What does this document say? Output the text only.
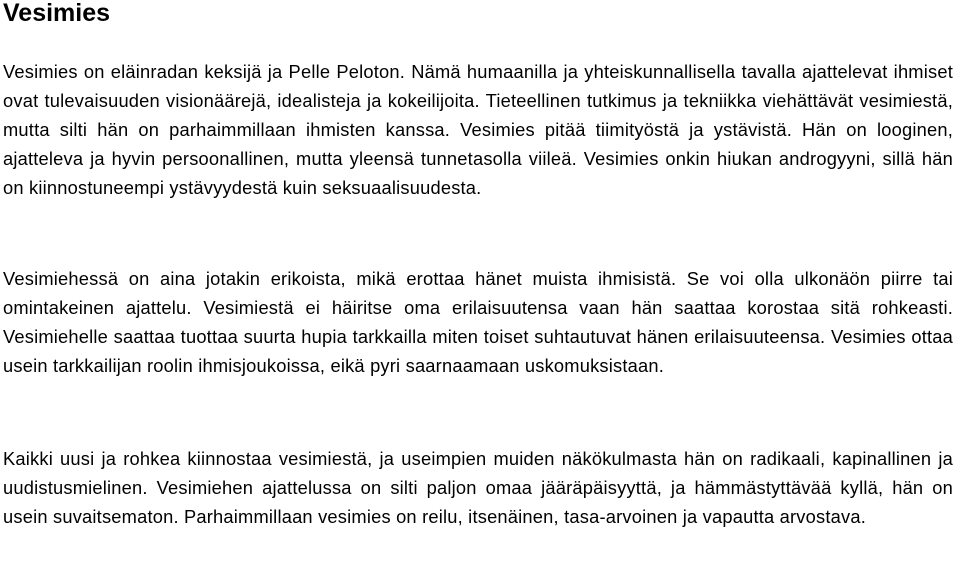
Vesimies

Vesimies on eläinradan keksijä ja Pelle Peloton. Nämä humaanilla ja yhteiskunnallisella tavalla ajattelevat ihmiset ovat tulevaisuuden visionäärejä, idealisteja ja kokeilijoita. Tieteellinen tutkimus ja tekniikka viehättävät vesimiestä, mutta silti hän on parhaimmillaan ihmisten kanssa. Vesimies pitää tiimityöstä ja ystävistä. Hän on looginen, ajatteleva ja hyvin persoonallinen, mutta yleensä tunnetasolla viileä. Vesimies onkin hiukan androgyyni, sillä hän on kiinnostuneempi ystävyydestä kuin seksuaalisuudesta.

Vesimiehessä on aina jotakin erikoista, mikä erottaa hänet muista ihmisistä. Se voi olla ulkonäön piirre tai omintakeinen ajattelu. Vesimiestä ei häiritse oma erilaisuutensa vaan hän saattaa korostaa sitä rohkeasti. Vesimiehelle saattaa tuottaa suurta hupia tarkkailla miten toiset suhtautuvat hänen erilaisuuteensa. Vesimies ottaa usein tarkkailijan roolin ihmisjoukoissa, eikä pyri saarnaamaan uskomuksistaan.

Kaikki uusi ja rohkea kiinnostaa vesimiestä, ja useimpien muiden näkökulmasta hän on radikaali, kapinallinen ja uudistusmielinen. Vesimiehen ajattelussa on silti paljon omaa jääräpäisyyttä, ja hämmästyttävää kyllä, hän on usein suvaitsematon. Parhaimmillaan vesimies on reilu, itsenäinen, tasa-arvoinen ja vapautta arvostava.
